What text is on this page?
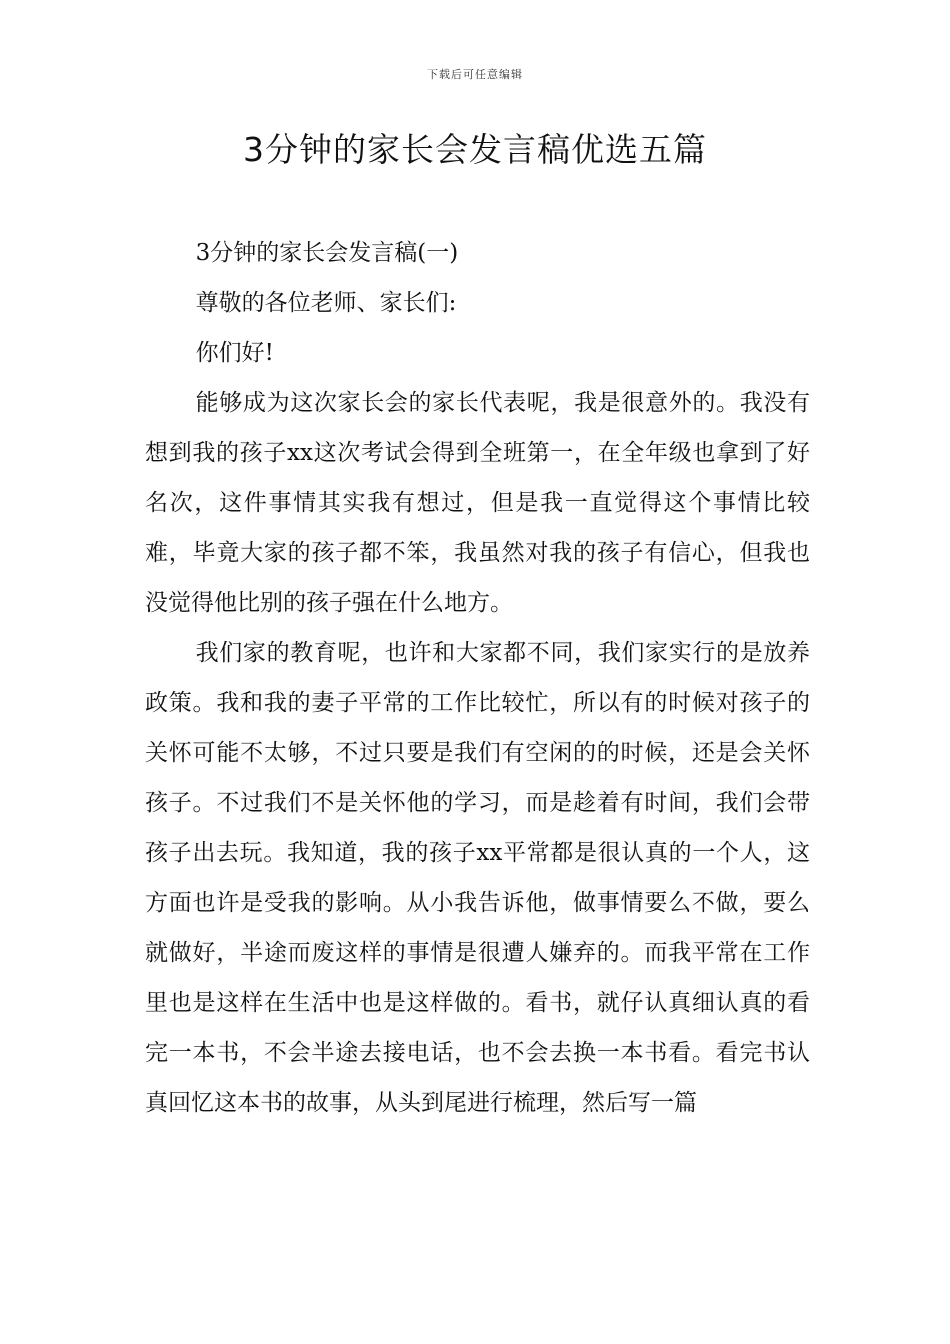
下载后可任意编辑
3分钟的家长会发言稿优选五篇

3分钟的家长会发言稿(一)

尊敬的各位老师、家长们:

你们好!

能够成为这次家长会的家长代表呢，我是很意外的。我没有想到我的孩子xx这次考试会得到全班第一，在全年级也拿到了好名次，这件事情其实我有想过，但是我一直觉得这个事情比较难，毕竟大家的孩子都不笨，我虽然对我的孩子有信心，但我也没觉得他比别的孩子强在什么地方。

我们家的教育呢，也许和大家都不同，我们家实行的是放养政策。我和我的妻子平常的工作比较忙，所以有的时候对孩子的关怀可能不太够，不过只要是我们有空闲的的时候，还是会关怀孩子。不过我们不是关怀他的学习，而是趁着有时间，我们会带孩子出去玩。我知道，我的孩子xx平常都是很认真的一个人，这方面也许是受我的影响。从小我告诉他，做事情要么不做，要么就做好，半途而废这样的事情是很遭人嫌弃的。而我平常在工作里也是这样在生活中也是这样做的。看书，就仔认真细认真的看完一本书，不会半途去接电话，也不会去换一本书看。看完书认真回忆这本书的故事，从头到尾进行梳理，然后写一篇
